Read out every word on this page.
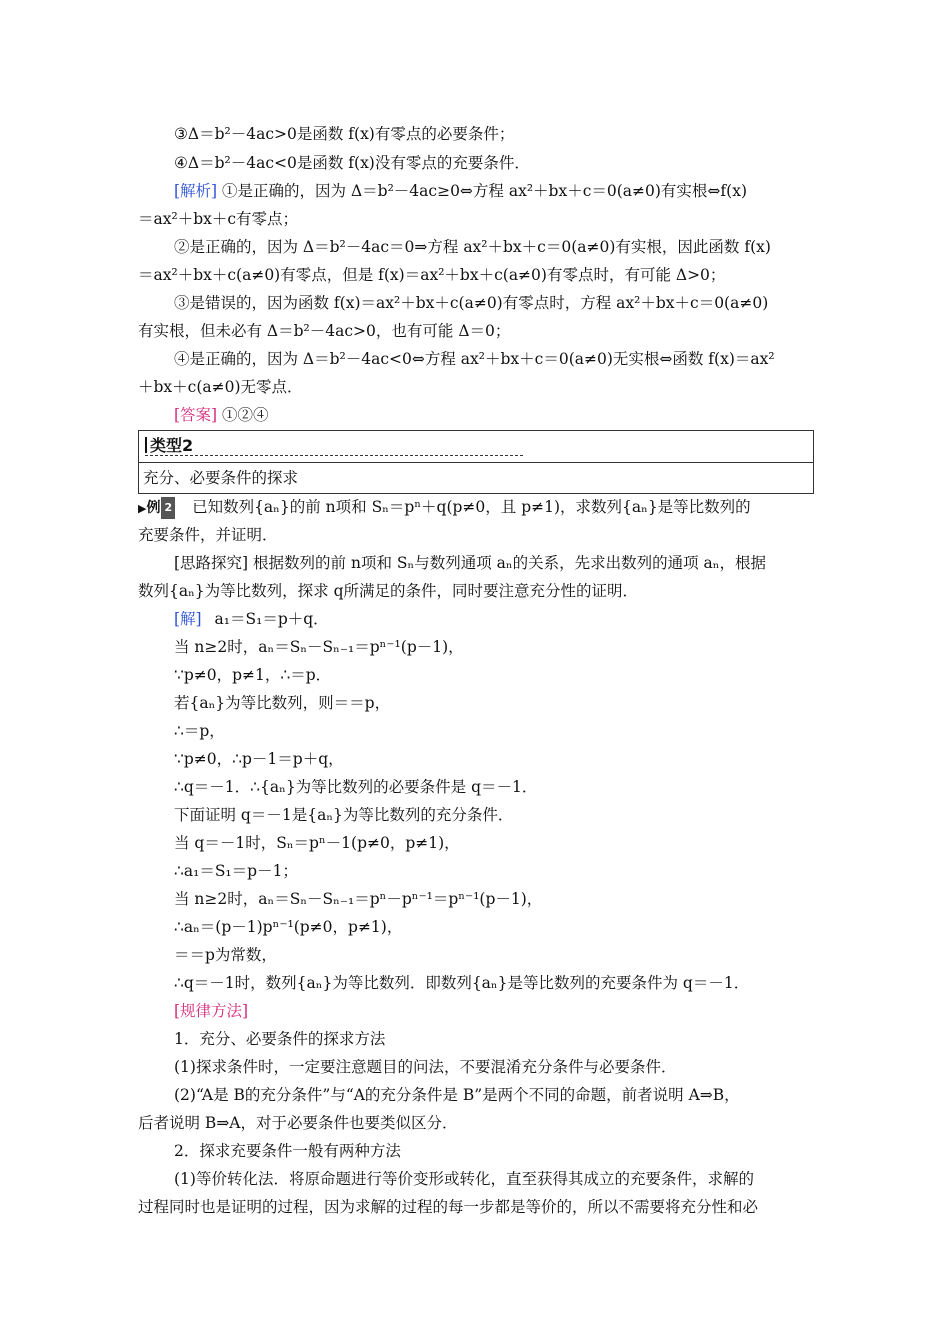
③Δ＝b²－4ac>0是函数 f(x)有零点的必要条件；
④Δ＝b²－4ac<0是函数 f(x)没有零点的充要条件．
[解析] ①是正确的，因为 Δ＝b²－4ac≥0⇔方程 ax²＋bx＋c＝0(a≠0)有实根⇔f(x)
＝ax²＋bx＋c有零点；
②是正确的，因为 Δ＝b²－4ac＝0⇒方程 ax²＋bx＋c＝0(a≠0)有实根，因此函数 f(x)
＝ax²＋bx＋c(a≠0)有零点，但是 f(x)＝ax²＋bx＋c(a≠0)有零点时，有可能 Δ>0；
③是错误的，因为函数 f(x)＝ax²＋bx＋c(a≠0)有零点时，方程 ax²＋bx＋c＝0(a≠0)
有实根，但未必有 Δ＝b²－4ac>0，也有可能 Δ＝0；
④是正确的，因为 Δ＝b²－4ac<0⇔方程 ax²＋bx＋c＝0(a≠0)无实根⇔函数 f(x)＝ax²
＋bx＋c(a≠0)无零点．
[答案] ①②④
类型2
充分、必要条件的探求
▶例 2 已知数列{aₙ}的前 n项和 Sₙ＝pⁿ＋q(p≠0，且 p≠1)，求数列{aₙ}是等比数列的
充要条件，并证明．
[思路探究] 根据数列的前 n项和 Sₙ与数列通项 aₙ的关系，先求出数列的通项 aₙ，根据
数列{aₙ}为等比数列，探求 q所满足的条件，同时要注意充分性的证明．
[解] a₁＝S₁＝p＋q．
当 n≥2时，aₙ＝Sₙ－Sₙ₋₁＝pⁿ⁻¹(p－1)，
∵p≠0，p≠1，∴＝p．
若{aₙ}为等比数列，则＝＝p，
∴＝p，
∵p≠0，∴p－1＝p＋q，
∴q＝－1．∴{aₙ}为等比数列的必要条件是 q＝－1．
下面证明 q＝－1是{aₙ}为等比数列的充分条件．
当 q＝－1时，Sₙ＝pⁿ－1(p≠0，p≠1)，
∴a₁＝S₁＝p－1；
当 n≥2时，aₙ＝Sₙ－Sₙ₋₁＝pⁿ－pⁿ⁻¹＝pⁿ⁻¹(p－1)，
∴aₙ＝(p－1)pⁿ⁻¹(p≠0，p≠1)，
＝＝p为常数，
∴q＝－1时，数列{aₙ}为等比数列．即数列{aₙ}是等比数列的充要条件为 q＝－1．
[规律方法]
1．充分、必要条件的探求方法
(1)探求条件时，一定要注意题目的问法，不要混淆充分条件与必要条件．
(2)“A是 B的充分条件”与“A的充分条件是 B”是两个不同的命题，前者说明 A⇒B，
后者说明 B⇒A，对于必要条件也要类似区分．
2．探求充要条件一般有两种方法
(1)等价转化法．将原命题进行等价变形或转化，直至获得其成立的充要条件，求解的
过程同时也是证明的过程，因为求解的过程的每一步都是等价的，所以不需要将充分性和必
